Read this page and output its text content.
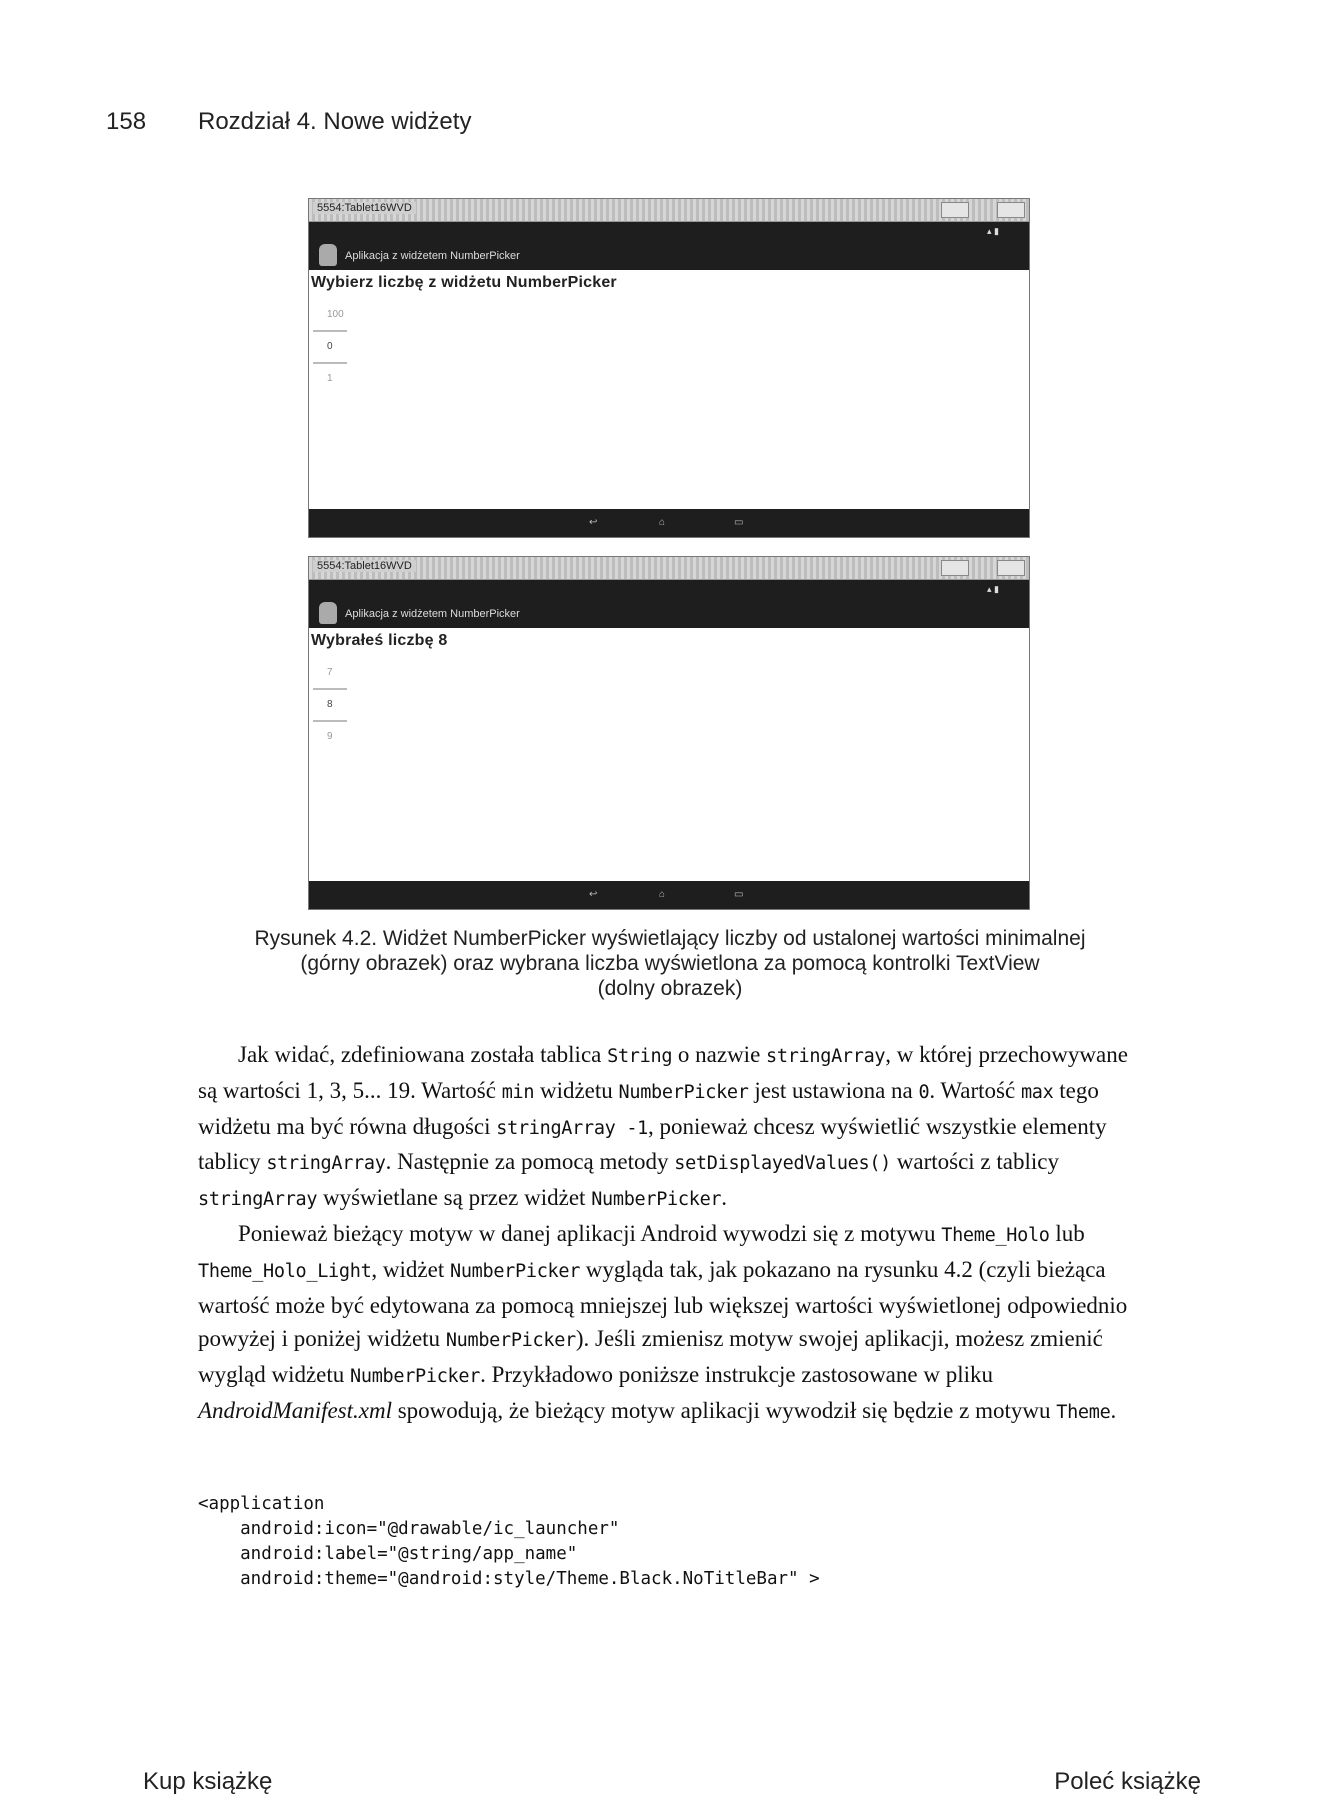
158 Rozdział 4. Nowe widżety
5554:Tablet16WVD
▴ ▮
Aplikacja z widżetem NumberPicker
Wybierz liczbę z widżetu NumberPicker
100
0
1
↩	⌂	▭
5554:Tablet16WVD
▴ ▮
Aplikacja z widżetem NumberPicker
Wybrałeś liczbę 8
7
8
9
↩	⌂	▭
Rysunek 4.2. Widżet NumberPicker wyświetlający liczby od ustalonej wartości minimalnej
(górny obrazek) oraz wybrana liczba wyświetlona za pomocą kontrolki TextView
(dolny obrazek)

Jak widać, zdefiniowana została tablica String o nazwie stringArray, w której przechowywane są wartości 1, 3, 5... 19. Wartość min widżetu NumberPicker jest ustawiona na 0. Wartość max tego widżetu ma być równa długości stringArray -1, ponieważ chcesz wyświetlić wszystkie elementy tablicy stringArray. Następnie za pomocą metody setDisplayedValues() wartości z tablicy stringArray wyświetlane są przez widżet NumberPicker.

Ponieważ bieżący motyw w danej aplikacji Android wywodzi się z motywu Theme_Holo lub Theme_Holo_Light, widżet NumberPicker wygląda tak, jak pokazano na rysunku 4.2 (czyli bieżąca wartość może być edytowana za pomocą mniejszej lub większej wartości wyświetlonej odpowiednio powyżej i poniżej widżetu NumberPicker). Jeśli zmienisz motyw swojej aplikacji, możesz zmienić wygląd widżetu NumberPicker. Przykładowo poniższe instrukcje zastosowane w pliku AndroidManifest.xml spowodują, że bieżący motyw aplikacji wywodził się będzie z motywu Theme.

<application
android:icon="@drawable/ic_launcher"
android:label="@string/app_name"
android:theme="@android:style/Theme.Black.NoTitleBar" >
Kup książkę	Poleć książkę
